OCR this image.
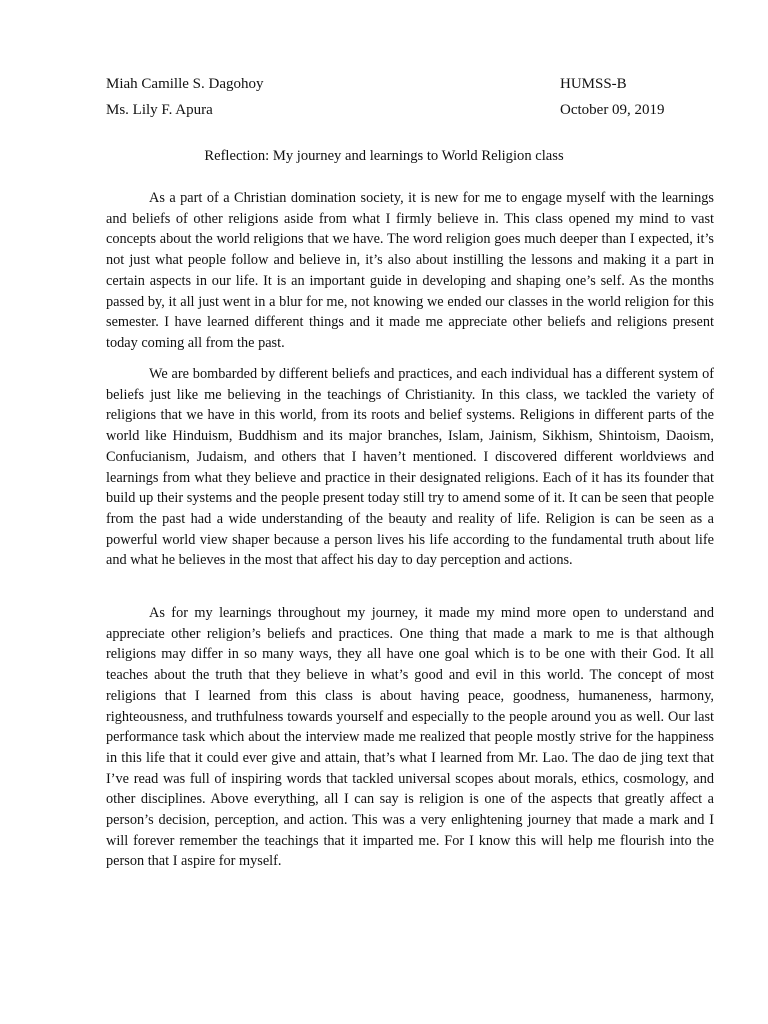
Miah Camille S. Dagohoy	HUMSS-B
Ms. Lily F. Apura	October 09, 2019
Reflection: My journey and learnings to World Religion class

As a part of a Christian domination society, it is new for me to engage myself with the learnings and beliefs of other religions aside from what I firmly believe in. This class opened my mind to vast concepts about the world religions that we have. The word religion goes much deeper than I expected, it’s not just what people follow and believe in, it’s also about instilling the lessons and making it a part in certain aspects in our life. It is an important guide in developing and shaping one’s self. As the months passed by, it all just went in a blur for me, not knowing we ended our classes in the world religion for this semester. I have learned different things and it made me appreciate other beliefs and religions present today coming all from the past.

We are bombarded by different beliefs and practices, and each individual has a different system of beliefs just like me believing in the teachings of Christianity. In this class, we tackled the variety of religions that we have in this world, from its roots and belief systems. Religions in different parts of the world like Hinduism, Buddhism and its major branches, Islam, Jainism, Sikhism, Shintoism, Daoism, Confucianism, Judaism, and others that I haven’t mentioned. I discovered different worldviews and learnings from what they believe and practice in their designated religions. Each of it has its founder that build up their systems and the people present today still try to amend some of it. It can be seen that people from the past had a wide understanding of the beauty and reality of life. Religion is can be seen as a powerful world view shaper because a person lives his life according to the fundamental truth about life and what he believes in the most that affect his day to day perception and actions.

As for my learnings throughout my journey, it made my mind more open to understand and appreciate other religion’s beliefs and practices. One thing that made a mark to me is that although religions may differ in so many ways, they all have one goal which is to be one with their God. It all teaches about the truth that they believe in what’s good and evil in this world. The concept of most religions that I learned from this class is about having peace, goodness, humaneness, harmony, righteousness, and truthfulness towards yourself and especially to the people around you as well. Our last performance task which about the interview made me realized that people mostly strive for the happiness in this life that it could ever give and attain, that’s what I learned from Mr. Lao. The dao de jing text that I’ve read was full of inspiring words that tackled universal scopes about morals, ethics, cosmology, and other disciplines. Above everything, all I can say is religion is one of the aspects that greatly affect a person’s decision, perception, and action. This was a very enlightening journey that made a mark and I will forever remember the teachings that it imparted me. For I know this will help me flourish into the person that I aspire for myself.
